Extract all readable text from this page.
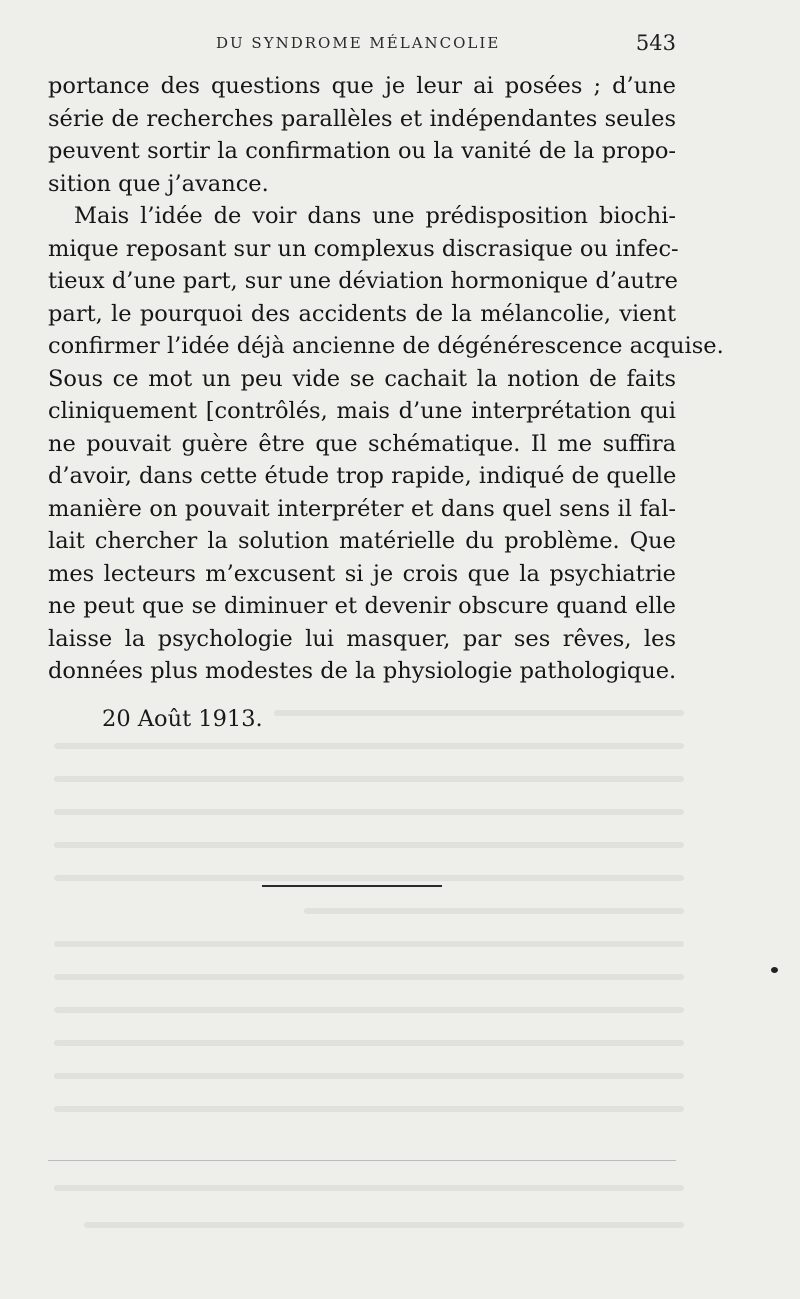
DU SYNDROME MÉLANCOLIE	543
portance des questions que je leur ai posées ; d’une
série de recherches parallèles et indépendantes seules
peuvent sortir la confirmation ou la vanité de la propo-
sition que j’avance.
Mais l’idée de voir dans une prédisposition biochi-
mique reposant sur un complexus discrasique ou infec-
tieux d’une part, sur une déviation hormonique d’autre
part, le pourquoi des accidents de la mélancolie, vient
confirmer l’idée déjà ancienne de dégénérescence acquise.
Sous ce mot un peu vide se cachait la notion de faits
cliniquement [contrôlés, mais d’une interprétation qui
ne pouvait guère être que schématique. Il me suffira
d’avoir, dans cette étude trop rapide, indiqué de quelle
manière on pouvait interpréter et dans quel sens il fal-
lait chercher la solution matérielle du problème. Que
mes lecteurs m’excusent si je crois que la psychiatrie
ne peut que se diminuer et devenir obscure quand elle
laisse la psychologie lui masquer, par ses rêves, les
données plus modestes de la physiologie pathologique.
20 Août 1913.
